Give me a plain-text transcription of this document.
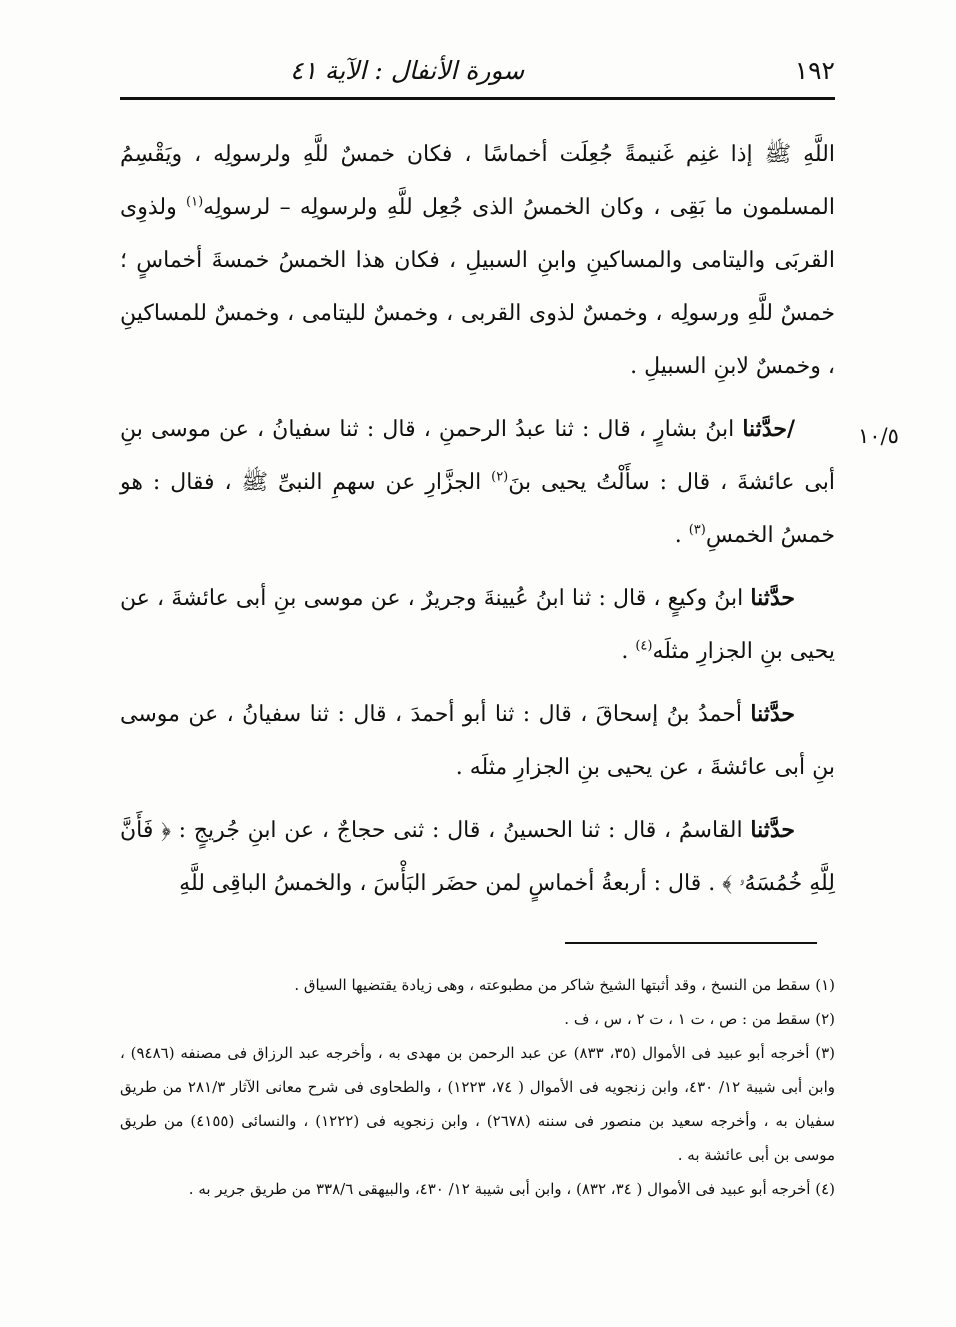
١٩٢
سورة الأنفال : الآية ٤١
١٠/٥

اللَّهِ ﷺ إذا غنِم غَنيمةً جُعِلَت أخماسًا ، فكان خمسٌ للَّهِ ولرسولِه ، ويَقْسِمُ المسلمون ما بَقِى ، وكان الخمسُ الذى جُعِل للَّهِ ولرسولِه – لرسولِه$^{(١)}$ ولذوِى القربَى واليتامى والمساكينِ وابنِ السبيلِ ، فكان هذا الخمسُ خمسةَ أخماسٍ ؛ خمسٌ للَّهِ ورسولِه ، وخمسٌ لذوى القربى ، وخمسٌ لليتامى ، وخمسٌ للمساكينِ ، وخمسٌ لابنِ السبيلِ .

/حدَّثنا ابنُ بشارٍ ، قال : ثنا عبدُ الرحمنِ ، قال : ثنا سفيانُ ، عن موسى بنِ أبى عائشةَ ، قال : سأَلْتُ يحيى بنَ$^{(٢)}$ الجزَّارِ عن سهمِ النبىِّ ﷺ ، فقال : هو خمسُ الخمسِ$^{(٣)}$ .

حدَّثنا ابنُ وكيعٍ ، قال : ثنا ابنُ عُيينةَ وجريرٌ ، عن موسى بنِ أبى عائشةَ ، عن يحيى بنِ الجزارِ مثلَه$^{(٤)}$ .

حدَّثنا أحمدُ بنُ إسحاقَ ، قال : ثنا أبو أحمدَ ، قال : ثنا سفيانُ ، عن موسى بنِ أبى عائشةَ ، عن يحيى بنِ الجزارِ مثلَه .

حدَّثنا القاسمُ ، قال : ثنا الحسينُ ، قال : ثنى حجاجٌ ، عن ابنِ جُريجٍ : ﴿ فَأَنَّ لِلَّهِ خُمُسَهُۥ ﴾ . قال : أربعةُ أخماسٍ لمن حضَر البَأْسَ ، والخمسُ الباقِى للَّهِ

(١) سقط من النسخ ، وقد أثبتها الشيخ شاكر من مطبوعته ، وهى زيادة يقتضيها السياق .

(٢) سقط من : ص ، ت ١ ، ت ٢ ، س ، ف .

(٣) أخرجه أبو عبيد فى الأموال (٣٥، ٨٣٣) عن عبد الرحمن بن مهدى به ، وأخرجه عبد الرزاق فى مصنفه (٩٤٨٦) ، وابن أبى شيبة ١٢/ ٤٣٠، وابن زنجويه فى الأموال ( ٧٤، ١٢٢٣) ، والطحاوى فى شرح معانى الآثار ٢٨١/٣ من طريق سفيان به ، وأخرجه سعيد بن منصور فى سننه (٢٦٧٨) ، وابن زنجويه فى (١٢٢٢) ، والنسائى (٤١٥٥) من طريق موسى بن أبى عائشة به .

(٤) أخرجه أبو عبيد فى الأموال ( ٣٤، ٨٣٢) ، وابن أبى شيبة ١٢/ ٤٣٠، والبيهقى ٣٣٨/٦ من طريق جرير به .
